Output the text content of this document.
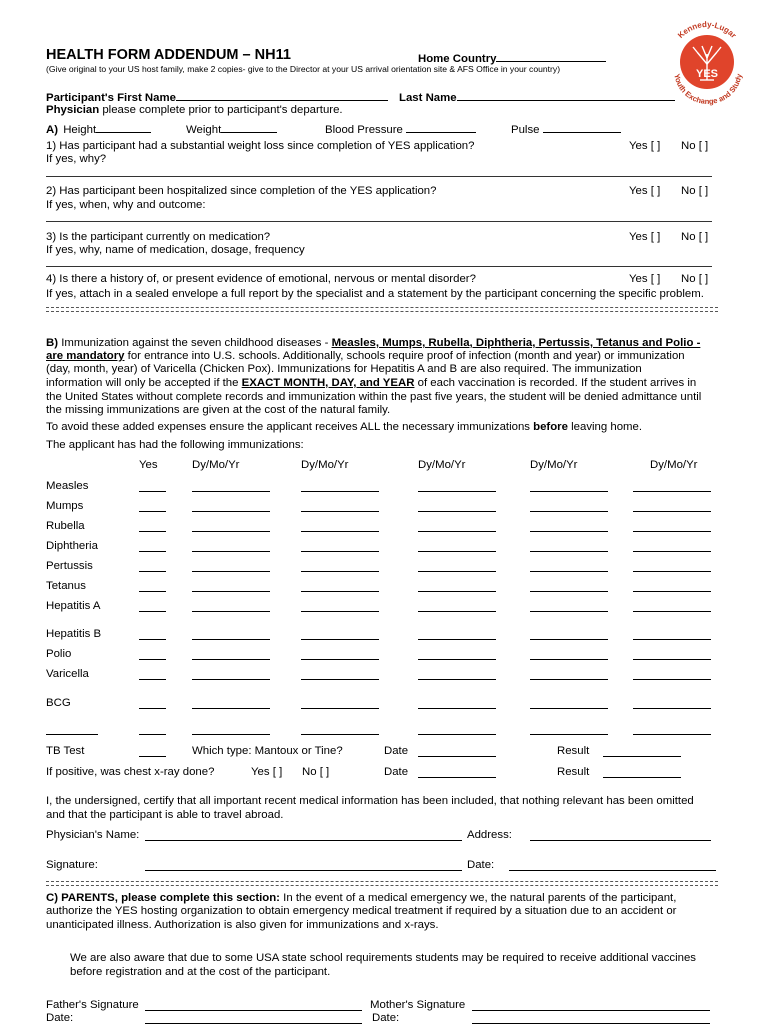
YES
Kennedy-Lugar
Youth Exchange and Study
HEALTH FORM ADDENDUM – NH11	Home Country
(Give original to your US host family, make 2 copies- give to the Director at your US arrival orientation site & AFS Office in your country)
Participant's First Name	Last Name
Physician please complete prior to participant's departure.
A) Height	Weight	Blood Pressure	Pulse
1) Has participant had a substantial weight loss since completion of YES application?	Yes [ ] No [ ]
If yes, why?
2) Has participant been hospitalized since completion of the YES application?	Yes [ ] No [ ]
If yes, when, why and outcome:
3) Is the participant currently on medication?	Yes [ ] No [ ]
If yes, why, name of medication, dosage, frequency
4) Is there a history of, or present evidence of emotional, nervous or mental disorder?	Yes [ ] No [ ]
If yes, attach in a sealed envelope a full report by the specialist and a statement by the participant concerning the specific problem.
B) Immunization against the seven childhood diseases - Measles, Mumps, Rubella, Diphtheria, Pertussis, Tetanus and Polio -
are mandatory for entrance into U.S. schools. Additionally, schools require proof of infection (month and year) or immunization
(day, month, year) of Varicella (Chicken Pox). Immunizations for Hepatitis A and B are also required. The immunization
information will only be accepted if the EXACT MONTH, DAY, and YEAR of each vaccination is recorded. If the student arrives in
the United States without complete records and immunization within the past five years, the student will be denied admittance until
the missing immunizations are given at the cost of the natural family.
To avoid these added expenses ensure the applicant receives ALL the necessary immunizations before leaving home.
The applicant has had the following immunizations:
Yes	Dy/Mo/Yr	Dy/Mo/Yr	Dy/Mo/Yr	Dy/Mo/Yr	Dy/Mo/Yr
Measles
Mumps
Rubella
Diphtheria
Pertussis
Tetanus
Hepatitis A
Hepatitis B
Polio
Varicella
BCG
TB Test	Which type: Mantoux or Tine?	Date	Result
If positive, was chest x-ray done?	Yes [ ] No [ ]	Date	Result
I, the undersigned, certify that all important recent medical information has been included, that nothing relevant has been omitted
and that the participant is able to travel abroad.
Physician's Name:	Address:
Signature:	Date:
C) PARENTS, please complete this section: In the event of a medical emergency we, the natural parents of the participant,
authorize the YES hosting organization to obtain emergency medical treatment if required by a situation due to an accident or
unanticipated illness. Authorization is also given for immunizations and x-rays.
We are also aware that due to some USA state school requirements students may be required to receive additional vaccines
before registration and at the cost of the participant.
Father's Signature	Mother's Signature
Date:	Date:
